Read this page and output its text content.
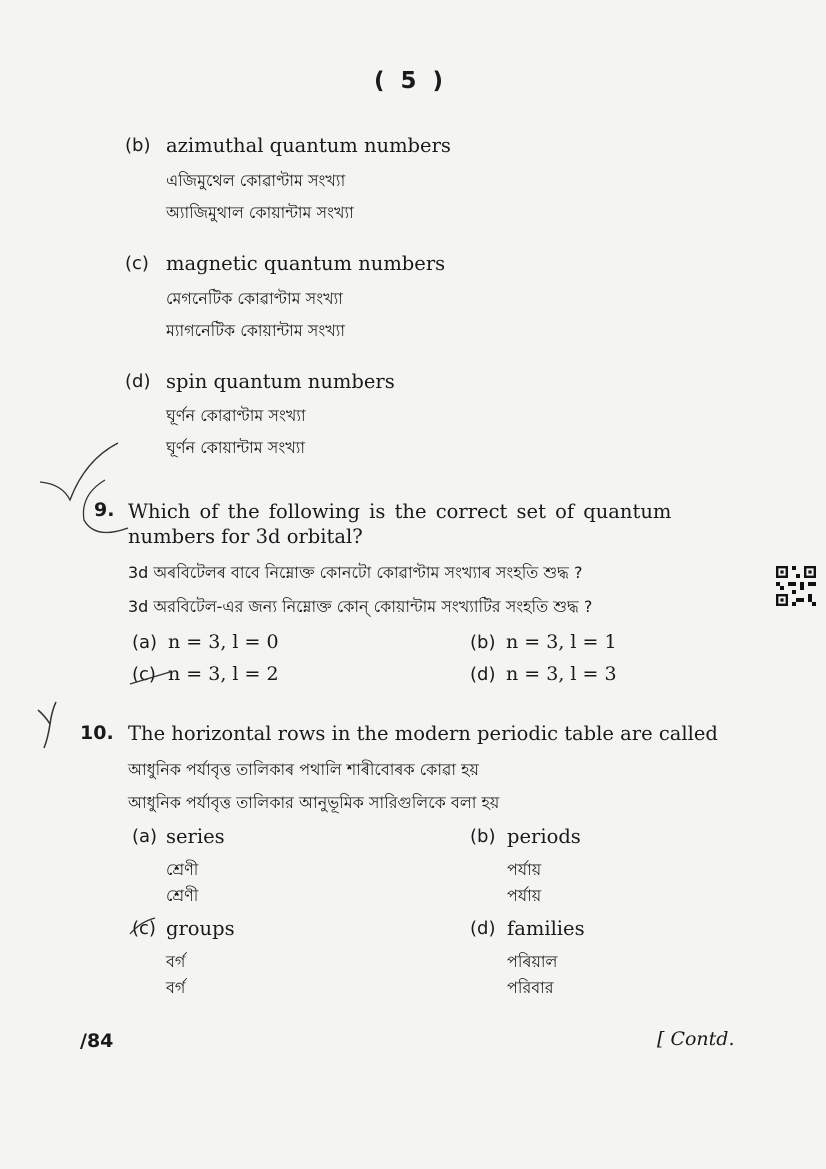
( 5 )
(b) azimuthal quantum numbers
এজিমুথেল কোৱাণ্টাম সংখ্যা
অ্যাজিমুথাল কোয়ান্টাম সংখ্যা
(c) magnetic quantum numbers
মেগনেটিক কোৱাণ্টাম সংখ্যা
ম্যাগনেটিক কোয়ান্টাম সংখ্যা
(d) spin quantum numbers
ঘূৰ্ণন কোৱাণ্টাম সংখ্যা
ঘূর্ণন কোয়ান্টাম সংখ্যা
9. Which of the following is the correct set of quantum
numbers for 3d orbital?
3d অৰবিটেলৰ বাবে নিম্নোক্ত কোনটো কোৱাণ্টাম সংখ্যাৰ সংহতি শুদ্ধ ?
3d অরবিটেল-এর জন্য নিম্নোক্ত কোন্ কোয়ান্টাম সংখ্যাটির সংহতি শুদ্ধ ?
(a) n = 3, l = 0	(b) n = 3, l = 1
(c) n = 3, l = 2	(d) n = 3, l = 3
10. The horizontal rows in the modern periodic table are called
আধুনিক পৰ্যাবৃত্ত তালিকাৰ পথালি শাৰীবোৰক কোৱা হয়
আধুনিক পর্যাবৃত্ত তালিকার আনুভূমিক সারিগুলিকে বলা হয়
(a) series
শ্ৰেণী
শ্রেণী
(b) periods
পৰ্যায়
পর্যায়
(c) groups
বৰ্গ
বর্গ
(d) families
পৰিয়াল
পরিবার
/84	[ Contd.
